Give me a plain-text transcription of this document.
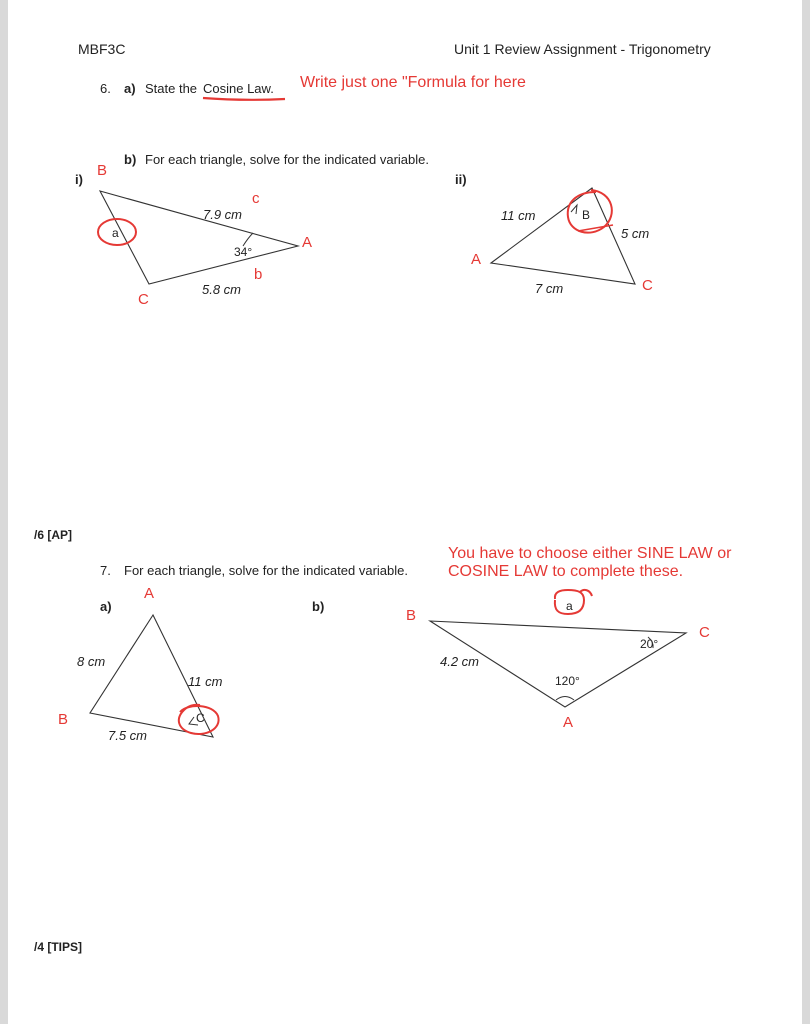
MBF3C	Unit 1 Review Assignment - Trigonometry
6. a) State the Cosine Law. Write just one "Formula for here
b) For each triangle, solve for the indicated variable.
i)	ii)
B
c
7.9 cm
a
34°
A
b
5.8 cm
C
11 cm	B
5 cm
A
C
7 cm
/6 [AP]
You have to choose either SINE LAW or
7. For each triangle, solve for the indicated variable.	COSINE LAW to complete these.
a)	b)
A
8 cm
11 cm
C
B
7.5 cm
a
B
C
20°
4.2 cm
120°
A
/4 [TIPS]
